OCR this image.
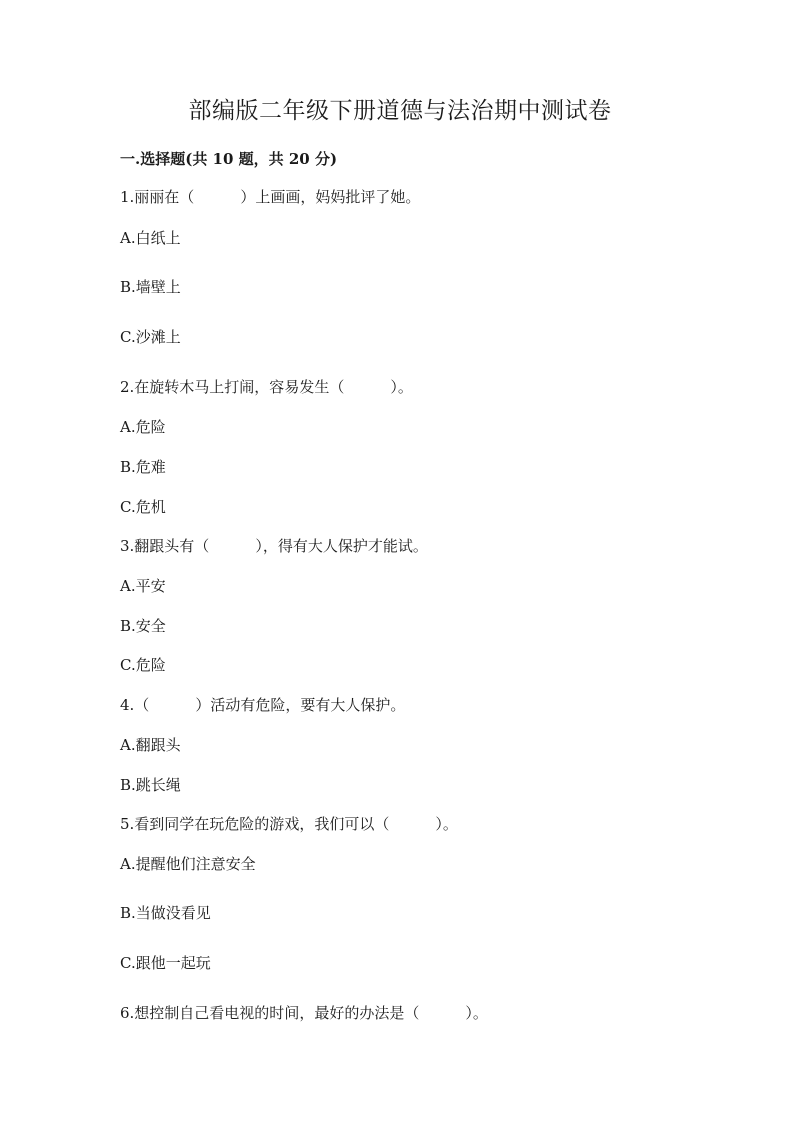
部编版二年级下册道德与法治期中测试卷
一.选择题(共 10 题，共 20 分)
1.丽丽在（	）上画画，妈妈批评了她。
A.白纸上
B.墙壁上
C.沙滩上
2.在旋转木马上打闹，容易发生（	）。
A.危险
B.危难
C.危机
3.翻跟头有（	），得有大人保护才能试。
A.平安
B.安全
C.危险
4.（	）活动有危险，要有大人保护。
A.翻跟头
B.跳长绳
5.看到同学在玩危险的游戏，我们可以（	）。
A.提醒他们注意安全
B.当做没看见
C.跟他一起玩
6.想控制自己看电视的时间，最好的办法是（	）。
